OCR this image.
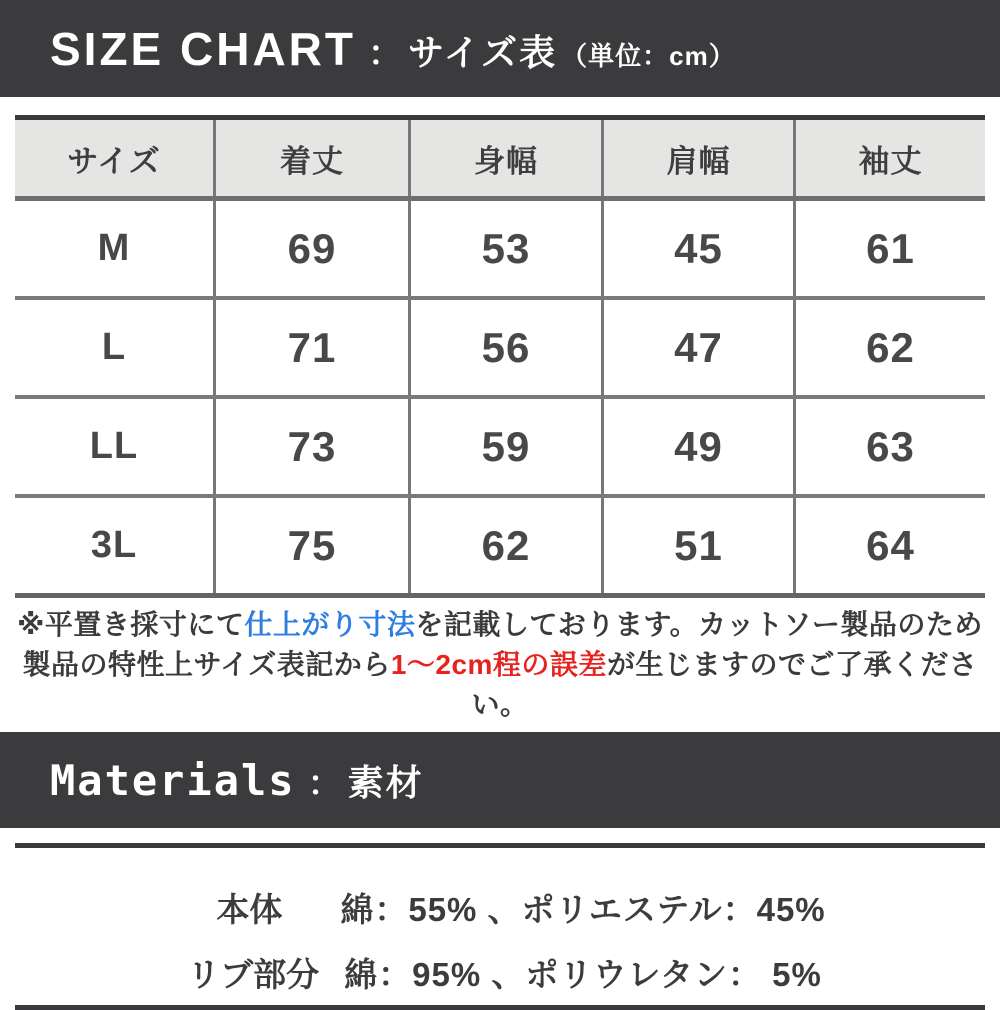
SIZE CHART ： サイズ表 （単位：cm）
サイズ	着丈	身幅	肩幅	袖丈
M	69	53	45	61
L	71	56	47	62
LL	73	59	49	63
3L	75	62	51	64
※平置き採寸にて仕上がり寸法を記載しております。カットソー製品のため
製品の特性上サイズ表記から1〜2cm程の誤差が生じますのでご了承ください。
Materials ： 素材
本体	綿：55% 、ポリエステル：45%
リブ部分 綿：95% 、ポリウレタン： 5%
